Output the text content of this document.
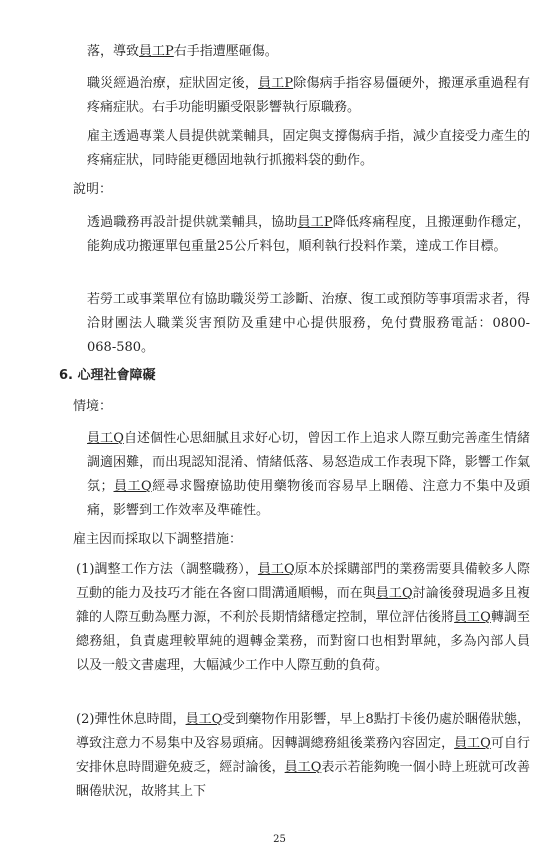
落，導致員工P右手指遭壓砸傷。

職災經過治療，症狀固定後，員工P除傷病手指容易僵硬外，搬運承重過程有疼痛症狀。右手功能明顯受限影響執行原職務。

雇主透過專業人員提供就業輔具，固定與支撐傷病手指，減少直接受力產生的疼痛症狀，同時能更穩固地執行抓搬料袋的動作。

說明：

透過職務再設計提供就業輔具，協助員工P降低疼痛程度，且搬運動作穩定，能夠成功搬運單包重量25公斤料包，順利執行投料作業，達成工作目標。

若勞工或事業單位有協助職災勞工診斷、治療、復工或預防等事項需求者，得洽財團法人職業災害預防及重建中心提供服務，免付費服務電話：0800-068-580。

6. 心理社會障礙

情境：

員工Q自述個性心思細膩且求好心切，曾因工作上追求人際互動完善產生情緒調適困難，而出現認知混淆、情緒低落、易怒造成工作表現下降，影響工作氣氛；員工Q經尋求醫療協助使用藥物後而容易早上睏倦、注意力不集中及頭痛，影響到工作效率及準確性。

雇主因而採取以下調整措施：

(1)調整工作方法（調整職務），員工Q原本於採購部門的業務需要具備較多人際互動的能力及技巧才能在各窗口間溝通順暢，而在與員工Q討論後發現過多且複雜的人際互動為壓力源，不利於長期情緒穩定控制，單位評估後將員工Q轉調至總務組，負責處理較單純的週轉金業務，而對窗口也相對單純，多為內部人員以及一般文書處理，大幅減少工作中人際互動的負荷。

(2)彈性休息時間，員工Q受到藥物作用影響，早上8點打卡後仍處於睏倦狀態，導致注意力不易集中及容易頭痛。因轉調總務組後業務內容固定，員工Q可自行安排休息時間避免疲乏，經討論後，員工Q表示若能夠晚一個小時上班就可改善睏倦狀況，故將其上下

25
